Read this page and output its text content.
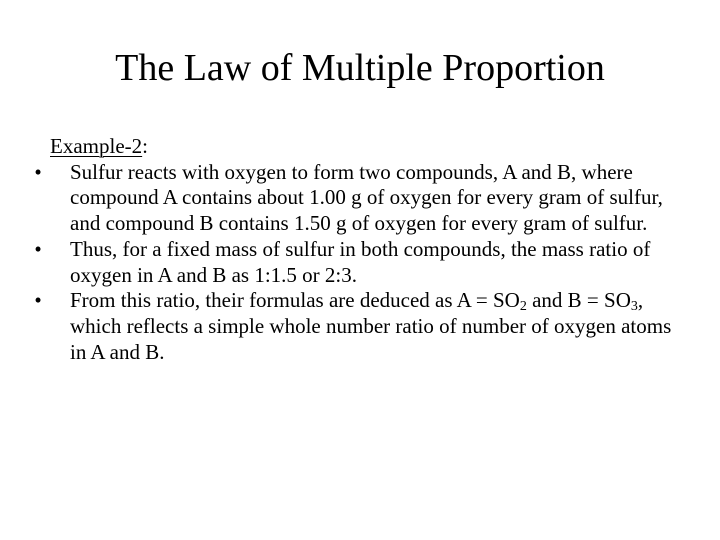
The Law of Multiple Proportion
Example-2:
•	Sulfur reacts with oxygen to form two compounds, A and B, where compound A contains about 1.00 g of oxygen for every gram of sulfur, and compound B contains 1.50 g of oxygen for every gram of sulfur.
•	Thus, for a fixed mass of sulfur in both compounds, the mass ratio of oxygen in A and B as 1:1.5 or 2:3.
•	From this ratio, their formulas are deduced as $A = SO_2$ and $B = SO_3$, which reflects a simple whole number ratio of number of oxygen atoms in A and B.
